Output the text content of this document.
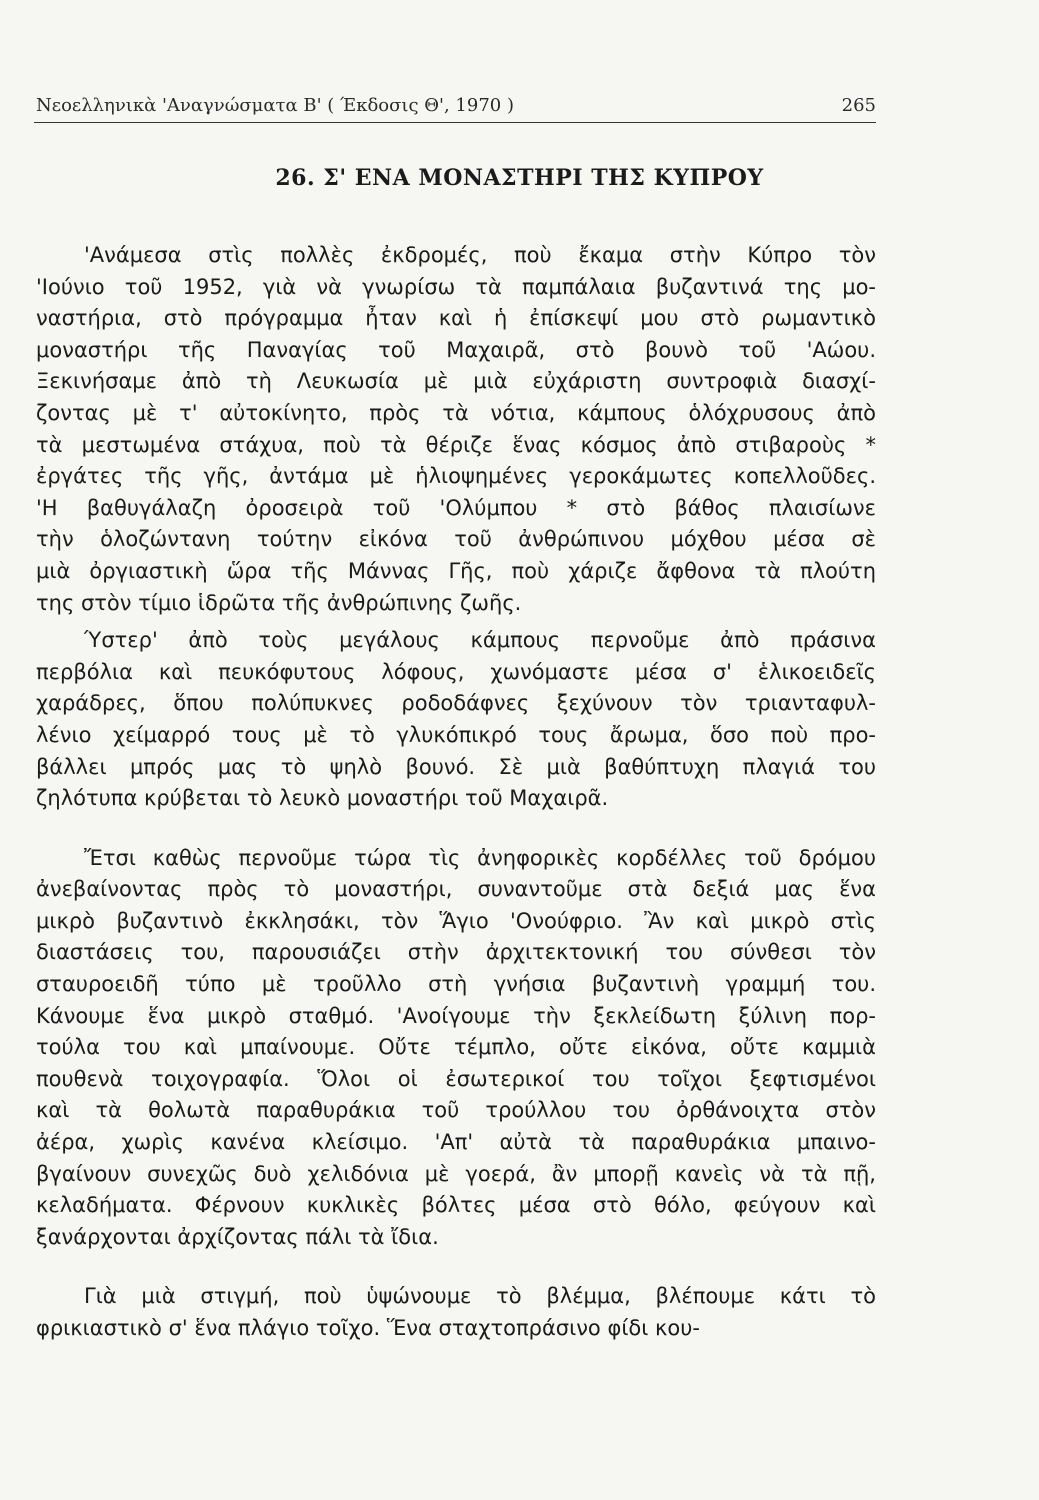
Νεοελληνικὰ 'Αναγνώσματα Β' ( Έκδοσις Θ', 1970 )	265
26. Σ' ΕΝΑ ΜΟΝΑΣΤΗΡΙ ΤΗΣ ΚΥΠΡΟΥ
'Ανάμεσα στὶς πολλὲς ἐκδρομές, ποὺ ἔκαμα στὴν Κύπρο τὸν
'Ιούνιο τοῦ 1952, γιὰ νὰ γνωρίσω τὰ παμπάλαια βυζαντινά της μο-
ναστήρια, στὸ πρόγραμμα ἦταν καὶ ἡ ἐπίσκεψί μου στὸ ρωμαντικὸ
μοναστήρι τῆς Παναγίας τοῦ Μαχαιρᾶ, στὸ βουνὸ τοῦ 'Αώου.
Ξεκινήσαμε ἀπὸ τὴ Λευκωσία μὲ μιὰ εὐχάριστη συντροφιὰ διασχί-
ζοντας μὲ τ' αὐτοκίνητο, πρὸς τὰ νότια, κάμπους ὁλόχρυσους ἀπὸ
τὰ μεστωμένα στάχυα, ποὺ τὰ θέριζε ἕνας κόσμος ἀπὸ στιβαροὺς *
ἐργάτες τῆς γῆς, ἀντάμα μὲ ἡλιοψημένες γεροκάμωτες κοπελλοῦδες.
'Η βαθυγάλαζη ὀροσειρὰ τοῦ 'Ολύμπου * στὸ βάθος πλαισίωνε
τὴν ὁλοζώντανη τούτην εἰκόνα τοῦ ἀνθρώπινου μόχθου μέσα σὲ
μιὰ ὀργιαστικὴ ὥρα τῆς Μάννας Γῆς, ποὺ χάριζε ἄφθονα τὰ πλούτη
της στὸν τίμιο ἱδρῶτα τῆς ἀνθρώπινης ζωῆς.
Ύστερ' ἀπὸ τοὺς μεγάλους κάμπους περνοῦμε ἀπὸ πράσινα
περβόλια καὶ πευκόφυτους λόφους, χωνόμαστε μέσα σ' ἑλικοειδεῖς
χαράδρες, ὅπου πολύπυκνες ροδοδάφνες ξεχύνουν τὸν τριανταφυλ-
λένιο χείμαρρό τους μὲ τὸ γλυκόπικρό τους ἄρωμα, ὅσο ποὺ προ-
βάλλει μπρός μας τὸ ψηλὸ βουνό. Σὲ μιὰ βαθύπτυχη πλαγιά του
ζηλότυπα κρύβεται τὸ λευκὸ μοναστήρι τοῦ Μαχαιρᾶ.
Ἔτσι καθὼς περνοῦμε τώρα τὶς ἀνηφορικὲς κορδέλλες τοῦ δρόμου
ἀνεβαίνοντας πρὸς τὸ μοναστήρι, συναντοῦμε στὰ δεξιά μας ἕνα
μικρὸ βυζαντινὸ ἐκκλησάκι, τὸν Ἅγιο 'Ονούφριο. Ἂν καὶ μικρὸ στὶς
διαστάσεις του, παρουσιάζει στὴν ἀρχιτεκτονική του σύνθεσι τὸν
σταυροειδῆ τύπο μὲ τροῦλλο στὴ γνήσια βυζαντινὴ γραμμή του.
Κάνουμε ἕνα μικρὸ σταθμό. 'Ανοίγουμε τὴν ξεκλείδωτη ξύλινη πορ-
τούλα του καὶ μπαίνουμε. Οὔτε τέμπλο, οὔτε εἰκόνα, οὔτε καμμιὰ
πουθενὰ τοιχογραφία. Ὅλοι οἱ ἐσωτερικοί του τοῖχοι ξεφτισμένοι
καὶ τὰ θολωτὰ παραθυράκια τοῦ τρούλλου του ὀρθάνοιχτα στὸν
ἀέρα, χωρὶς κανένα κλείσιμο. 'Απ' αὐτὰ τὰ παραθυράκια μπαινο-
βγαίνουν συνεχῶς δυὸ χελιδόνια μὲ γοερά, ἂν μπορῇ κανεὶς νὰ τὰ πῇ,
κελαδήματα. Φέρνουν κυκλικὲς βόλτες μέσα στὸ θόλο, φεύγουν καὶ
ξανάρχονται ἀρχίζοντας πάλι τὰ ἴδια.
Γιὰ μιὰ στιγμή, ποὺ ὑψώνουμε τὸ βλέμμα, βλέπουμε κάτι τὸ
φρικιαστικὸ σ' ἕνα πλάγιο τοῖχο. Ἕνα σταχτοπράσινο φίδι κου-
